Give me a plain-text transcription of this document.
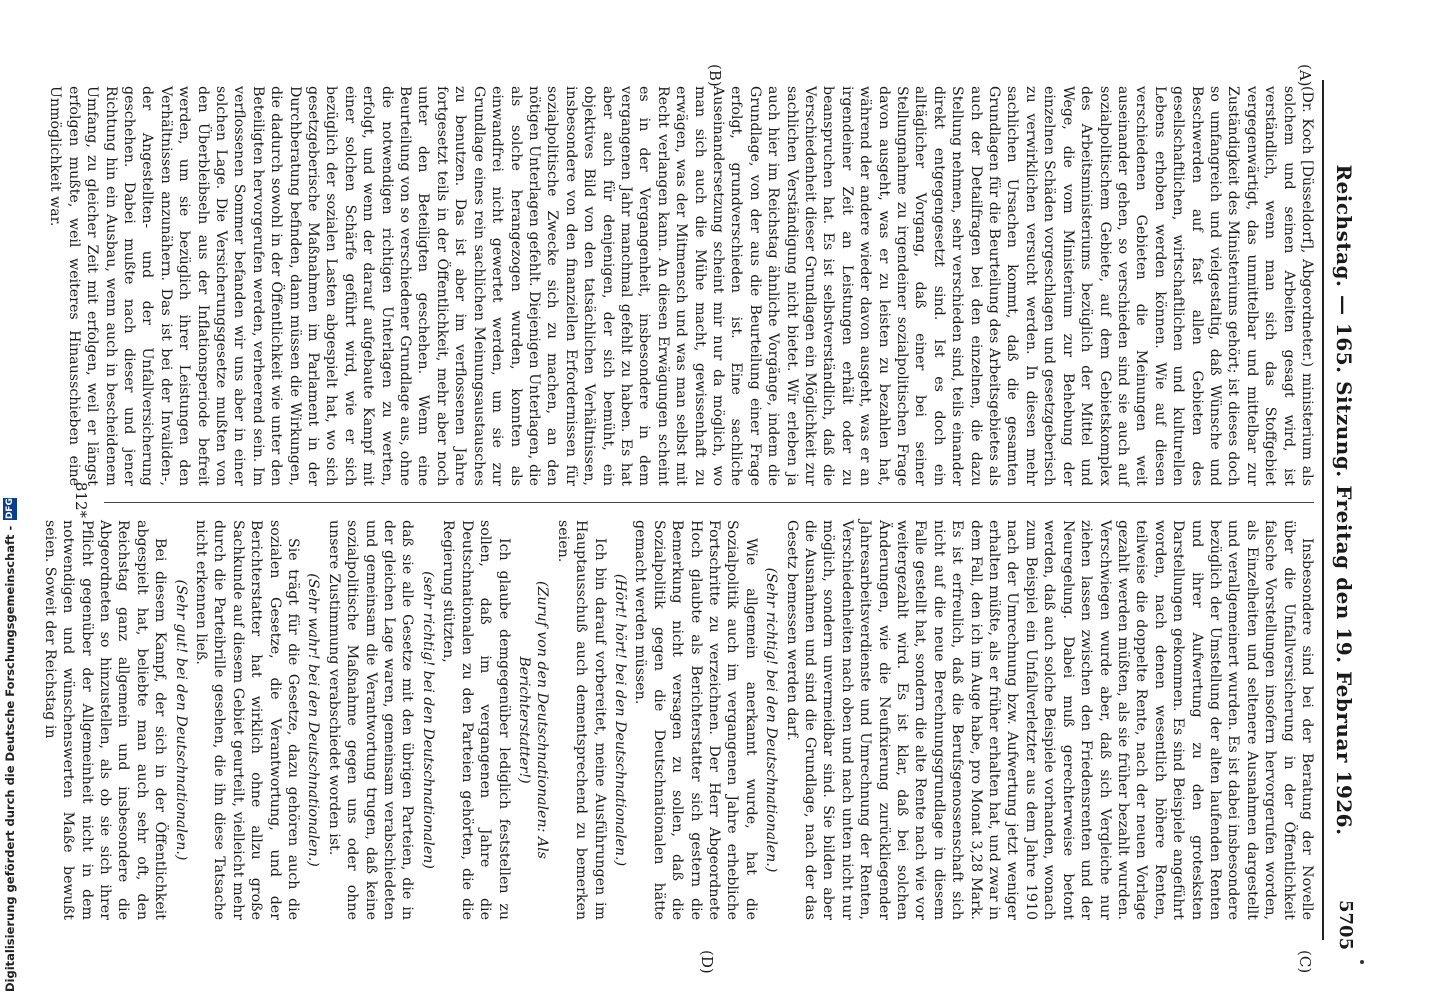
Reichstag. — 165. Sitzung. Freitag den 19. Februar 1926.
5705
(A)
(B)
(C)
(D)

(Dr. Koch [Düsseldorf], Abgeordneter.) ministerium als solchem und seinen Arbeiten gesagt wird, ist verständlich, wenn man sich das Stoffgebiet vergegenwärtigt, das unmittelbar und mittelbar zur Zuständigkeit des Ministeriums gehört; ist dieses doch so umfangreich und vielgestaltig, daß Wünsche und Beschwerden auf fast allen Gebieten des gesellschaftlichen, wirtschaftlichen und kulturellen Lebens erhoben werden können. Wie auf diesen verschiedenen Gebieten die Meinungen weit auseinander gehen, so verschieden sind sie auch auf sozialpolitischem Gebiete, auf dem Gebietskomplex des Arbeitsministeriums bezüglich der Mittel und Wege, die vom Ministerium zur Behebung der einzelnen Schäden vorgeschlagen und gesetzgeberisch zu verwirklichen versucht werden. In diesen mehr sachlichen Ursachen kommt, daß die gesamten Grundlagen für die Beurteilung des Arbeitsgebietes als auch der Detailfragen bei den einzelnen, die dazu Stellung nehmen, sehr verschieden sind, teils einander direkt entgegengesetzt sind. Ist es doch ein alltäglicher Vorgang, daß einer bei seiner Stellungnahme zu irgendeiner sozialpolitischen Frage davon ausgeht, was er zu leisten zu bezahlen hat, während der andere wieder davon ausgeht, was er an irgendeiner Zeit an Leistungen erhält oder zu beanspruchen hat. Es ist selbstverständlich, daß die Verschiedenheit dieser Grundlagen ein Möglichkeit zur sachlichen Verständigung nicht bietet. Wir erleben ja auch hier im Reichstag ähnliche Vorgänge, indem die Grundlage, von der aus die Beurteilung einer Frage erfolgt, grundverschieden ist. Eine sachliche Auseinandersetzung scheint mir nur da möglich, wo man sich auch die Mühe macht, gewissenhaft zu erwägen, was der Mitmensch und was man selbst mit Recht verlangen kann. An diesen Erwägungen scheint es in der Vergangenheit, insbesondere in dem vergangenen Jahr manchmal gefehlt zu haben. Es hat aber auch für denjenigen, der sich bemüht, ein objektives Bild von den tatsächlichen Verhältnissen, insbesondere von den finanziellen Erfordernissen für sozialpolitische Zwecke sich zu machen, an den nötigen Unterlagen gefehlt. Diejenigen Unterlagen, die als solche herangezogen wurden, konnten als einwandfrei nicht gewertet werden, um sie zur Grundlage eines rein sachlichen Meinungsaustausches zu benutzen. Das ist aber im verflossenen Jahre fortgesetzt teils in der Öffentlichkeit, mehr aber noch unter den Beteiligten geschehen. Wenn eine Beurteilung von so verschiedener Grundlage aus, ohne die notwendigen richtigen Unterlagen zu werten, erfolgt, und wenn der darauf aufgebaute Kampf mit einer solchen Schärfe geführt wird, wie er sich bezüglich der sozialen Lasten abgespielt hat, wo sich gesetzgeberische Maßnahmen im Parlament in der Durchberatung befinden, dann müssen die Wirkungen, die dadurch sowohl in der Öffentlichkeit wie unter den Beteiligten hervorgerufen werden, verheerend sein. Im verflossenen Sommer befanden wir uns aber in einer solchen Lage. Die Versicherungsgesetze mußten von den Überbleibseln aus der Inflationsperiode befreit werden, um sie bezüglich ihrer Leistungen den Verhältnissen anzunähern. Das ist bei der Invaliden-, der Angestellten- und der Unfallversicherung geschehen. Dabei mußte nach dieser und jener Richtung hin ein Ausbau, wenn auch in bescheidenem Umfang, zu gleicher Zeit mit erfolgen, weil er längst erfolgen mußte, weil weiteres Hinausschieben eine Unmöglichkeit war.

Insbesondere sind bei der Beratung der Novelle über die Unfallversicherung in der Öffentlichkeit falsche Vorstellungen insofern hervorgerufen worden, als Einzelheiten und seltenere Ausnahmen dargestellt und verallgemeinert wurden. Es ist dabei insbesondere bezüglich der Umstellung der alten laufenden Renten und ihrer Aufwertung zu den grotesksten Darstellungen gekommen. Es sind Beispiele angeführt worden, nach denen wesentlich höhere Renten, teilweise die doppelte Rente, nach der neuen Vorlage gezahlt werden müßten, als sie früher bezahlt wurden. Verschwiegen wurde aber, daß sich Vergleiche nur ziehen lassen zwischen den Friedensrenten und der Neuregelung. Dabei muß gerechterweise betont werden, daß auch solche Beispiele vorhanden, wonach zum Beispiel ein Unfallverletzter aus dem Jahre 1910 nach der Umrechnung bzw. Aufwertung jetzt weniger erhalten müßte, als er früher erhalten hat, und zwar in dem Fall, den ich im Auge habe, pro Monat 3,28 Mark. Es ist erfreulich, daß die Berufsgenossenschaft sich nicht auf die neue Berechnungsgrundlage in diesem Falle gestellt hat, sondern die alte Rente nach wie vor weitergezahlt wird. Es ist klar, daß bei solchen Änderungen, wie die Neufixierung zurückliegender Jahresarbeitsverdienste und Umrechnung der Renten, Verschiedenheiten nach oben und nach unten nicht nur möglich, sondern unvermeidbar sind. Sie bilden aber die Ausnahmen und sind die Grundlage, nach der das Gesetz bemessen werden darf.

(Sehr richtig! bei den Deutschnationalen.)

Wie allgemein anerkannt wurde, hat die Sozialpolitik auch im vergangenen Jahre erhebliche Fortschritte zu verzeichnen. Der Herr Abgeordnete Hoch glaubte als Berichterstatter sich gestern die Bemerkung nicht versagen zu sollen, daß die Sozialpolitik gegen die Deutschnationalen hätte gemacht werden müssen.

(Hört! hört! bei den Deutschnationalen.)

Ich bin darauf vorbereitet, meine Ausführungen im Hauptausschuß auch dementsprechend zu bemerken seien.

(Zuruf von den Deutschnationalen: Als Berichterstatter!)

Ich glaube demgegenüber lediglich feststellen zu sollen, daß im vergangenen Jahre die Deutschnationalen zu den Parteien gehörten, die die Regierung stützten,

(sehr richtig! bei den Deutschnationalen)

daß sie alle Gesetze mit den übrigen Parteien, die in der gleichen Lage waren, gemeinsam verabschiedeten und gemeinsam die Verantwortung trugen, daß keine sozialpolitische Maßnahme gegen uns oder ohne unsere Zustimmung verabschiedet worden ist.

(Sehr wahr! bei den Deutschnationalen.)

Sie trägt für die Gesetze, dazu gehören auch die sozialen Gesetze, die Verantwortung, und der Berichterstatter hat wirklich ohne allzu große Sachkunde auf diesem Gebiet geurteilt, vielleicht mehr durch die Parteibrille gesehen, die ihn diese Tatsache nicht erkennen ließ.

(Sehr gut! bei den Deutschnationalen.)

Bei diesem Kampf, der sich in der Öffentlichkeit abgespielt hat, beliebte man auch sehr oft, den Reichstag ganz allgemein und insbesondere die Abgeordneten so hinzustellen, als ob sie sich ihrer Pflicht gegenüber der Allgemeinheit nicht in dem notwendigen und wünschenswerten Maße bewußt seien. Soweit der Reichstag in

812*
Digitalisierung gefördert durch die Deutsche Forschungsgemeinschaft -
DFG
